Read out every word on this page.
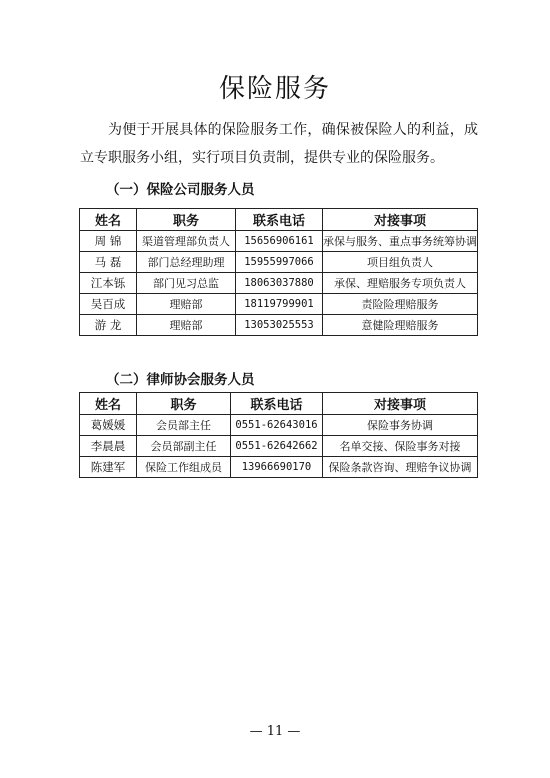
保险服务
为便于开展具体的保险服务工作，确保被保险人的利益，成立专职服务小组，实行项目负责制，提供专业的保险服务。
（一）保险公司服务人员
姓名	职务	联系电话	对接事项
周 锦	渠道管理部负责人	15656906161	承保与服务、重点事务统筹协调
马 磊	部门总经理助理	15955997066	项目组负责人
江本铄	部门见习总监	18063037880	承保、理赔服务专项负责人
吴百成	理赔部	18119799901	责险险理赔服务
游 龙	理赔部	13053025553	意健险理赔服务
（二）律师协会服务人员
姓名	职务	联系电话	对接事项
葛媛媛	会员部主任	0551-62643016	保险事务协调
李晨晨	会员部副主任	0551-62642662	名单交接、保险事务对接
陈建军	保险工作组成员	13966690170	保险条款咨询、理赔争议协调
— 11 —
